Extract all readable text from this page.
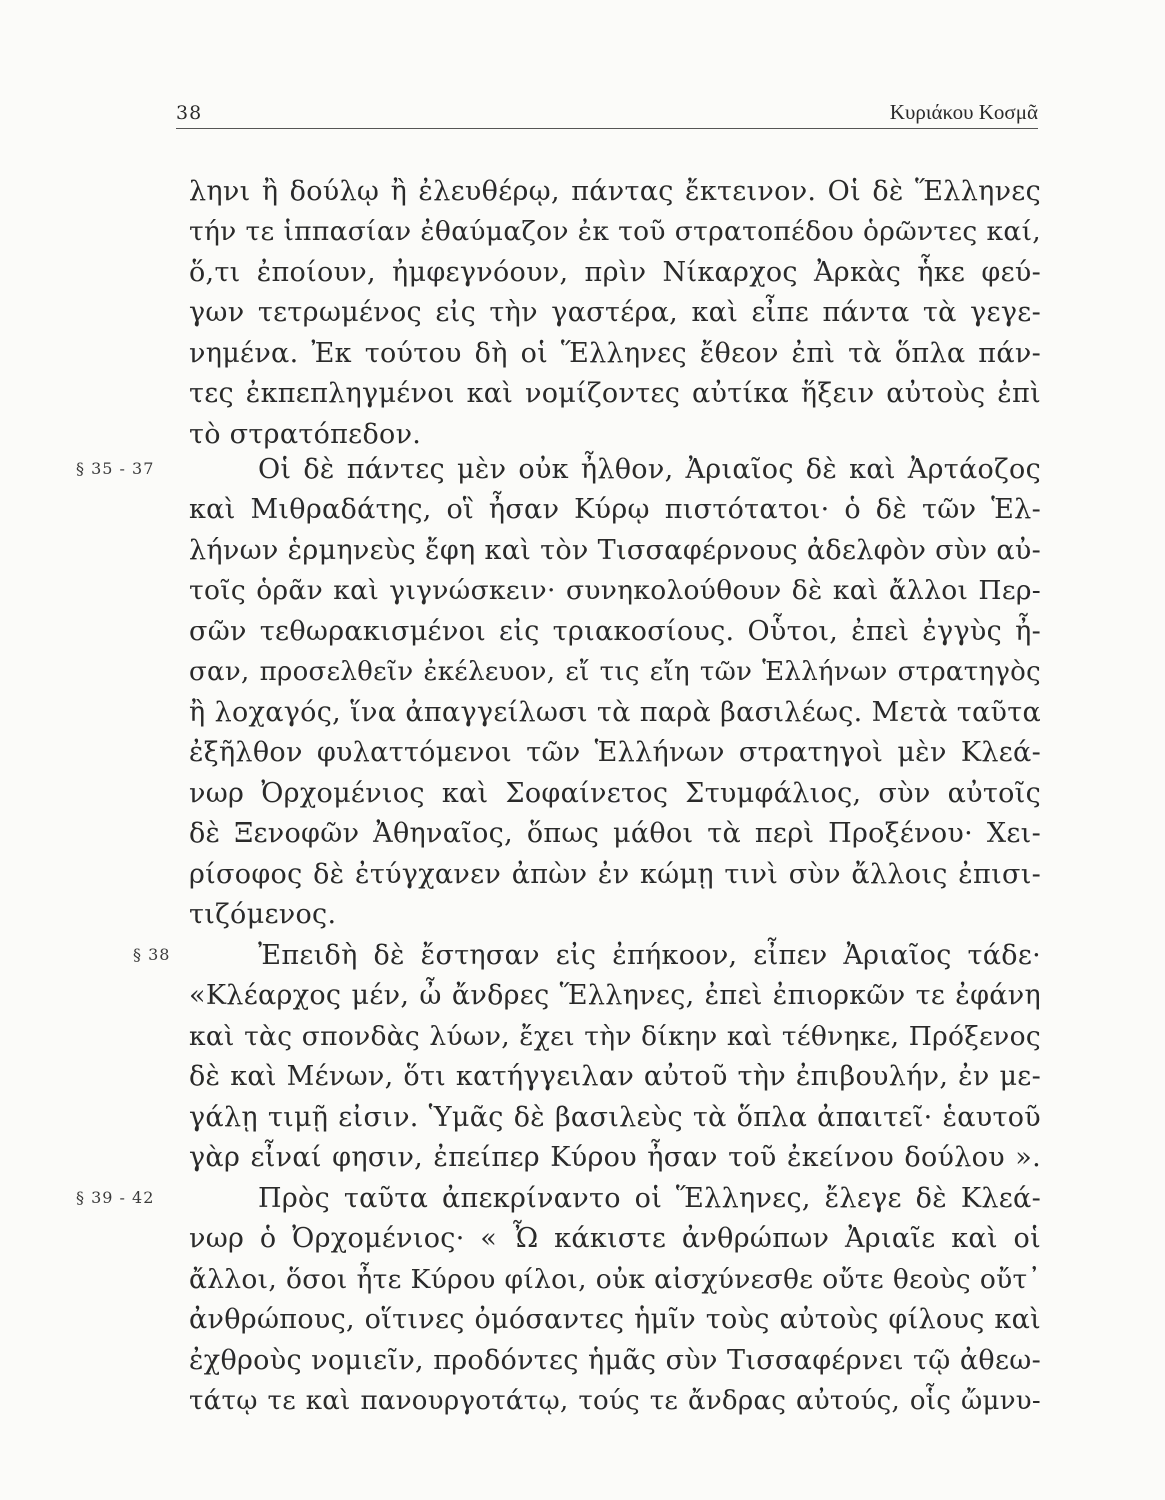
38	Κυριάκου Κοσμᾶ
§ 35 - 37
§ 38
§ 39 - 42
ληνι ἢ δούλῳ ἢ ἐλευθέρῳ, πάντας ἔκτεινον. Οἱ δὲ Ἕλληνες
τήν τε ἱππασίαν ἐθαύμαζον ἐκ τοῦ στρατοπέδου ὁρῶντες καί,
ὅ,τι ἐποίουν, ἠμφεγνόουν, πρὶν Νίκαρχος Ἀρκὰς ἧκε φεύ-
γων τετρωμένος εἰς τὴν γαστέρα, καὶ εἶπε πάντα τὰ γεγε-
νημένα. Ἐκ τούτου δὴ οἱ Ἕλληνες ἔθεον ἐπὶ τὰ ὅπλα πάν-
τες ἐκπεπληγμένοι καὶ νομίζοντες αὐτίκα ἥξειν αὐτοὺς ἐπὶ
τὸ στρατόπεδον.
Οἱ δὲ πάντες μὲν οὐκ ἦλθον, Ἀριαῖος δὲ καὶ Ἀρτάοζος
καὶ Μιθραδάτης, οἳ ἦσαν Κύρῳ πιστότατοι· ὁ δὲ τῶν Ἑλ-
λήνων ἑρμηνεὺς ἔφη καὶ τὸν Τισσαφέρνους ἀδελφὸν σὺν αὐ-
τοῖς ὁρᾶν καὶ γιγνώσκειν· συνηκολούθουν δὲ καὶ ἄλλοι Περ-
σῶν τεθωρακισμένοι εἰς τριακοσίους. Οὗτοι, ἐπεὶ ἐγγὺς ἦ-
σαν, προσελθεῖν ἐκέλευον, εἴ τις εἴη τῶν Ἑλλήνων στρατηγὸς
ἢ λοχαγός, ἵνα ἀπαγγείλωσι τὰ παρὰ βασιλέως. Μετὰ ταῦτα
ἐξῆλθον φυλαττόμενοι τῶν Ἑλλήνων στρατηγοὶ μὲν Κλεά-
νωρ Ὀρχομένιος καὶ Σοφαίνετος Στυμφάλιος, σὺν αὐτοῖς
δὲ Ξενοφῶν Ἀθηναῖος, ὅπως μάθοι τὰ περὶ Προξένου· Χει-
ρίσοφος δὲ ἐτύγχανεν ἀπὼν ἐν κώμῃ τινὶ σὺν ἄλλοις ἐπισι-
τιζόμενος.
Ἐπειδὴ δὲ ἔστησαν εἰς ἐπήκοον, εἶπεν Ἀριαῖος τάδε·
«Κλέαρχος μέν, ὦ ἄνδρες Ἕλληνες, ἐπεὶ ἐπιορκῶν τε ἐφάνη
καὶ τὰς σπονδὰς λύων, ἔχει τὴν δίκην καὶ τέθνηκε, Πρόξενος
δὲ καὶ Μένων, ὅτι κατήγγειλαν αὐτοῦ τὴν ἐπιβουλήν, ἐν με-
γάλῃ τιμῇ εἰσιν. Ὑμᾶς δὲ βασιλεὺς τὰ ὅπλα ἀπαιτεῖ· ἑαυτοῦ
γὰρ εἶναί φησιν, ἐπείπερ Κύρου ἦσαν τοῦ ἐκείνου δούλου ».
Πρὸς ταῦτα ἀπεκρίναντο οἱ Ἕλληνες, ἔλεγε δὲ Κλεά-
νωρ ὁ Ὀρχομένιος· « Ὦ κάκιστε ἀνθρώπων Ἀριαῖε καὶ οἱ
ἄλλοι, ὅσοι ἦτε Κύρου φίλοι, οὐκ αἰσχύνεσθε οὔτε θεοὺς οὔτ᾽
ἀνθρώπους, οἵτινες ὀμόσαντες ἡμῖν τοὺς αὐτοὺς φίλους καὶ
ἐχθροὺς νομιεῖν, προδόντες ἡμᾶς σὺν Τισσαφέρνει τῷ ἀθεω-
τάτῳ τε καὶ πανουργοτάτῳ, τούς τε ἄνδρας αὐτούς, οἷς ὤμνυ-
